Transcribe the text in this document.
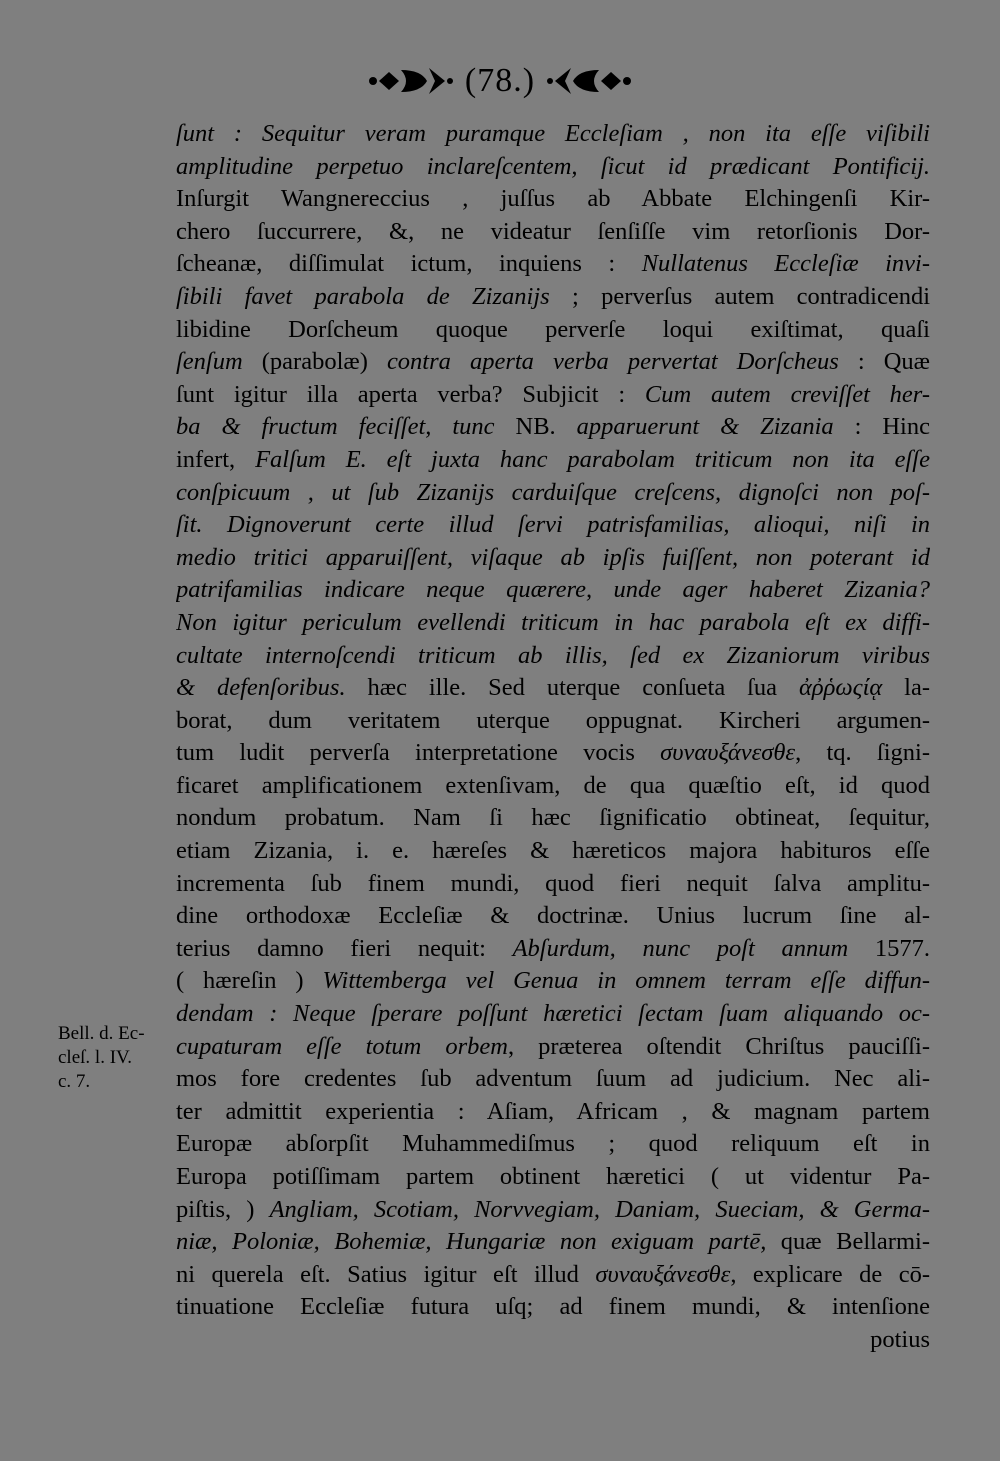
(78.)
ſunt : Sequitur veram puramque Eccleſiam , non ita eſſe viſibili
amplitudine perpetuo inclareſcentem, ſicut id prædicant Pontificij.
Inſurgit Wangnereccius , juſſus ab Abbate Elchingenſi Kir-
chero ſuccurrere, &, ne videatur ſenſiſſe vim retorſionis Dor-
ſcheanæ, diſſimulat ictum, inquiens : Nullatenus Eccleſiæ invi-
ſibili favet parabola de Zizanijs ; perverſus autem contradicendi
libidine Dorſcheum quoque perverſe loqui exiſtimat, quaſi
ſenſum (parabolæ) contra aperta verba pervertat Dorſcheus : Quæ
ſunt igitur illa aperta verba? Subjicit : Cum autem creviſſet her-
ba & fructum feciſſet, tunc NB. apparuerunt & Zizania : Hinc
infert, Falſum E. eſt juxta hanc parabolam triticum non ita eſſe
conſpicuum , ut ſub Zizanijs carduiſque creſcens, dignoſci non poſ-
ſit. Dignoverunt certe illud ſervi patrisfamilias, alioqui, niſi in
medio tritici apparuiſſent, viſaque ab ipſis fuiſſent, non poterant id
patrifamilias indicare neque quærere, unde ager haberet Zizania?
Non igitur periculum evellendi triticum in hac parabola eſt ex diffi-
cultate internoſcendi triticum ab illis, ſed ex Zizaniorum viribus
& defenſoribus. hæc ille. Sed uterque conſueta ſua ἀῤῥωςίᾳ la-
borat, dum veritatem uterque oppugnat. Kircheri argumen-
tum ludit perverſa interpretatione vocis συναυξάνεσθε, tq. ſigni-
ficaret amplificationem extenſivam, de qua quæſtio eſt, id quod
nondum probatum. Nam ſi hæc ſignificatio obtineat, ſequitur,
etiam Zizania, i. e. hæreſes & hæreticos majora habituros eſſe
incrementa ſub finem mundi, quod fieri nequit ſalva amplitu-
dine orthodoxæ Eccleſiæ & doctrinæ. Unius lucrum ſine al-
terius damno fieri nequit: Abſurdum, nunc poſt annum 1577.
( hæreſin ) Wittemberga vel Genua in omnem terram eſſe diffun-
dendam : Neque ſperare poſſunt hæretici ſectam ſuam aliquando oc-
cupaturam eſſe totum orbem, præterea oſtendit Chriſtus pauciſſi-
mos fore credentes ſub adventum ſuum ad judicium. Nec ali-
ter admittit experientia : Aſiam, Africam , & magnam partem
Europæ abſorpſit Muhammediſmus ; quod reliquum eſt in
Europa potiſſimam partem obtinent hæretici ( ut videntur Pa-
piſtis, ) Angliam, Scotiam, Norvvegiam, Daniam, Sueciam, & Germa-
niæ, Poloniæ, Bohemiæ, Hungariæ non exiguam partē, quæ Bellarmi-
ni querela eſt. Satius igitur eſt illud συναυξάνεσθε, explicare de cō-
tinuatione Eccleſiæ futura uſq; ad finem mundi, & intenſione
potius
Bell. d. Ec-
cleſ. l. IV.
c. 7.
